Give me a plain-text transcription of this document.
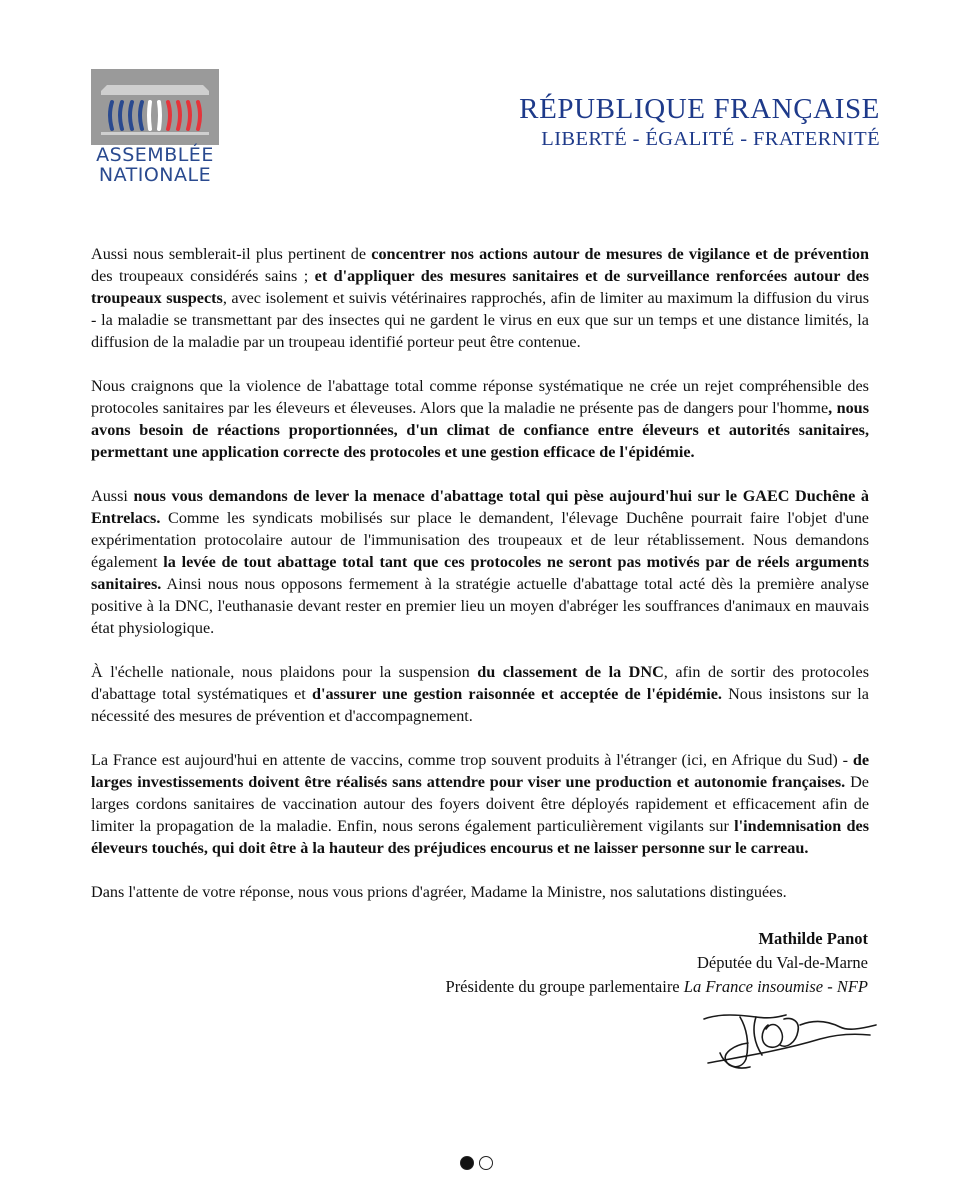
ASSEMBLÉE
NATIONALE
RÉPUBLIQUE FRANÇAISE
LIBERTÉ - ÉGALITÉ - FRATERNITÉ

Aussi nous semblerait-il plus pertinent de concentrer nos actions autour de mesures de vigilance et de prévention des troupeaux considérés sains ; et d'appliquer des mesures sanitaires et de surveillance renforcées autour des troupeaux suspects, avec isolement et suivis vétérinaires rapprochés, afin de limiter au maximum la diffusion du virus - la maladie se transmettant par des insectes qui ne gardent le virus en eux que sur un temps et une distance limités, la diffusion de la maladie par un troupeau identifié porteur peut être contenue.

Nous craignons que la violence de l'abattage total comme réponse systématique ne crée un rejet compréhensible des protocoles sanitaires par les éleveurs et éleveuses. Alors que la maladie ne présente pas de dangers pour l'homme, nous avons besoin de réactions proportionnées, d'un climat de confiance entre éleveurs et autorités sanitaires, permettant une application correcte des protocoles et une gestion efficace de l'épidémie.

Aussi nous vous demandons de lever la menace d'abattage total qui pèse aujourd'hui sur le GAEC Duchêne à Entrelacs. Comme les syndicats mobilisés sur place le demandent, l'élevage Duchêne pourrait faire l'objet d'une expérimentation protocolaire autour de l'immunisation des troupeaux et de leur rétablissement. Nous demandons également la levée de tout abattage total tant que ces protocoles ne seront pas motivés par de réels arguments sanitaires. Ainsi nous nous opposons fermement à la stratégie actuelle d'abattage total acté dès la première analyse positive à la DNC, l'euthanasie devant rester en premier lieu un moyen d'abréger les souffrances d'animaux en mauvais état physiologique.

À l'échelle nationale, nous plaidons pour la suspension du classement de la DNC, afin de sortir des protocoles d'abattage total systématiques et d'assurer une gestion raisonnée et acceptée de l'épidémie. Nous insistons sur la nécessité des mesures de prévention et d'accompagnement.

La France est aujourd'hui en attente de vaccins, comme trop souvent produits à l'étranger (ici, en Afrique du Sud) - de larges investissements doivent être réalisés sans attendre pour viser une production et autonomie françaises. De larges cordons sanitaires de vaccination autour des foyers doivent être déployés rapidement et efficacement afin de limiter la propagation de la maladie. Enfin, nous serons également particulièrement vigilants sur l'indemnisation des éleveurs touchés, qui doit être à la hauteur des préjudices encourus et ne laisser personne sur le carreau.

Dans l'attente de votre réponse, nous vous prions d'agréer, Madame la Ministre, nos salutations distinguées.

Mathilde Panot
Députée du Val-de-Marne
Présidente du groupe parlementaire La France insoumise - NFP
